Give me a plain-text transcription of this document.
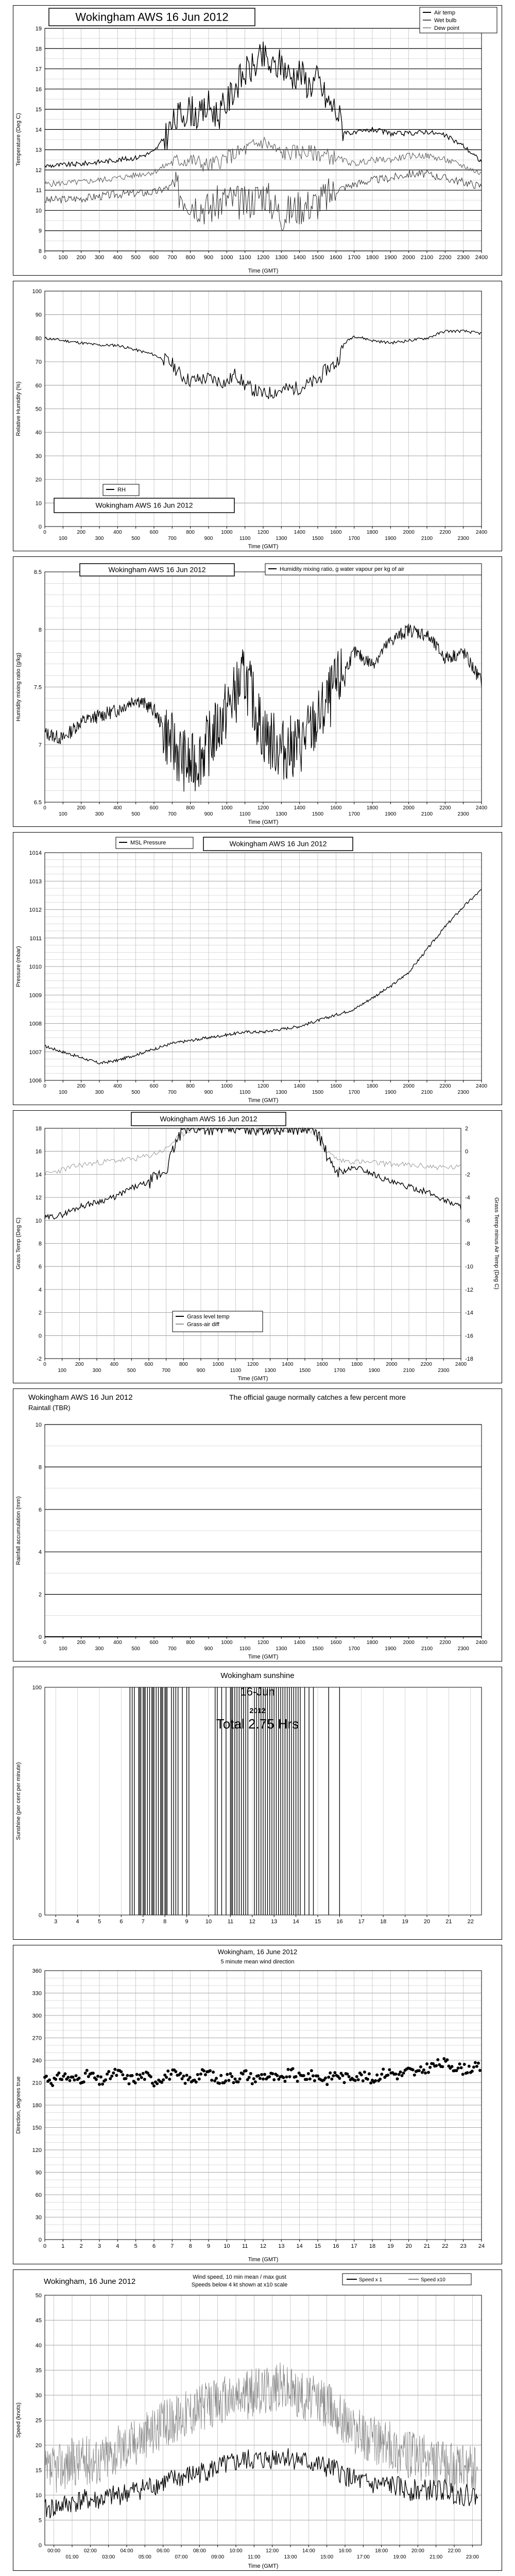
8
9
10
11
12
13
14
15
16
17
18
19
0 100 200 300 400 500 600 700 800 900 1000 1100 1200 1300 1400 1500 1600 1700 1800 1900 2000 2100 2200 2300 2400
Time (GMT)
Temperature (Deg C)
Wokingham AWS 16 Jun 2012	Air temp
Wet bulb
Dew point
0
10
20
30
40
50
60
70
80
90
100
0
100
200
300
400
500
600
700
800
900
1000
1100
1200
1300
1400
1500
1600
1700
1800
1900
2000
2100
2200
2300
2400
Time (GMT)
Relative Humidity (%)
RH
Wokingham AWS 16 Jun 2012
6.5
7
7.5
8
8.5
0
100
200
300
400
500
600
700
800
900
1000
1100
1200
1300
1400
1500
1600
1700
1800
1900
2000
2100
2200
2300
2400
Time (GMT)
Humidity mixing ratio (g/kg)
Wokingham AWS 16 Jun 2012	Humidity mixing ratio, g water vapour per kg of air
1006
1007
1008
1009
1010
1011
1012
1013
1014
0
100
200
300
400
500
600
700
800
900
1000
1100
1200
1300
1400
1500
1600
1700
1800
1900
2000
2100
2200
2300
2400
Time (GMT)
Pressure (mbar)
MSL Pressure	Wokingham AWS 16 Jun 2012
-2
0
2
4
6
8
10
12
14
16
18
0
100
200
300
400
500
600
700
800
900
1000
1100
1200
1300
1400
1500
1600
1700
1800
1900
2000
2100
2200
2300
2400
Time (GMT)
Grass Temp (Deg C)
-18
-16
-14
-12
-10
-8
-6
-4
-2
0
2
Grass Temp minus Air Temp (Deg C)
Wokingham AWS 16 Jun 2012
Grass level temp
Grass-air diff
0
2
4
6
8
10
0
100
200
300
400
500
600
700
800
900
1000
1100
1200
1300
1400
1500
1600
1700
1800
1900
2000
2100
2200
2300
2400
Time (GMT)
Rainfall accumulation (mm)
Wokingham AWS 16 Jun 2012
Raintall (TBR)
The official gauge normally catches a few percent more
0
100
3	4	5	6	7	8	9	10	11	12	13	14	15	16	17	18	19	20	21	22
Sunshine (per cent per minute)
Wokingham sunshine
16-Jun
2012
Total 2.75 Hrs
0
30
60
90
120
150
180
210
240
270
300
330
360
0	1	2	3	4	5	6	7	8	9 10 11 12 13 14 15 16 17 18 19 20 21 22 23 24
Time (GMT)
Direction, degrees true
Wokingham, 16 June 2012
5 minute mean wind direction
0
5
10
15
20
25
30
35
40
45
50
00:00
01:00
02:00
03:00
04:00
05:00
06:00
07:00
08:00
09:00
10:00
11:00
12:00
13:00
14:00
15:00
16:00
17:00
18:00
19:00
20:00
21:00
22:00
23:00
Time (GMT)
Speed (knots)
Wokingham, 16 June 2012	Wind speed, 10 min mean / max gust
Speeds below 4 kt shown at x10 scale
Speed x 1	Speed x10
